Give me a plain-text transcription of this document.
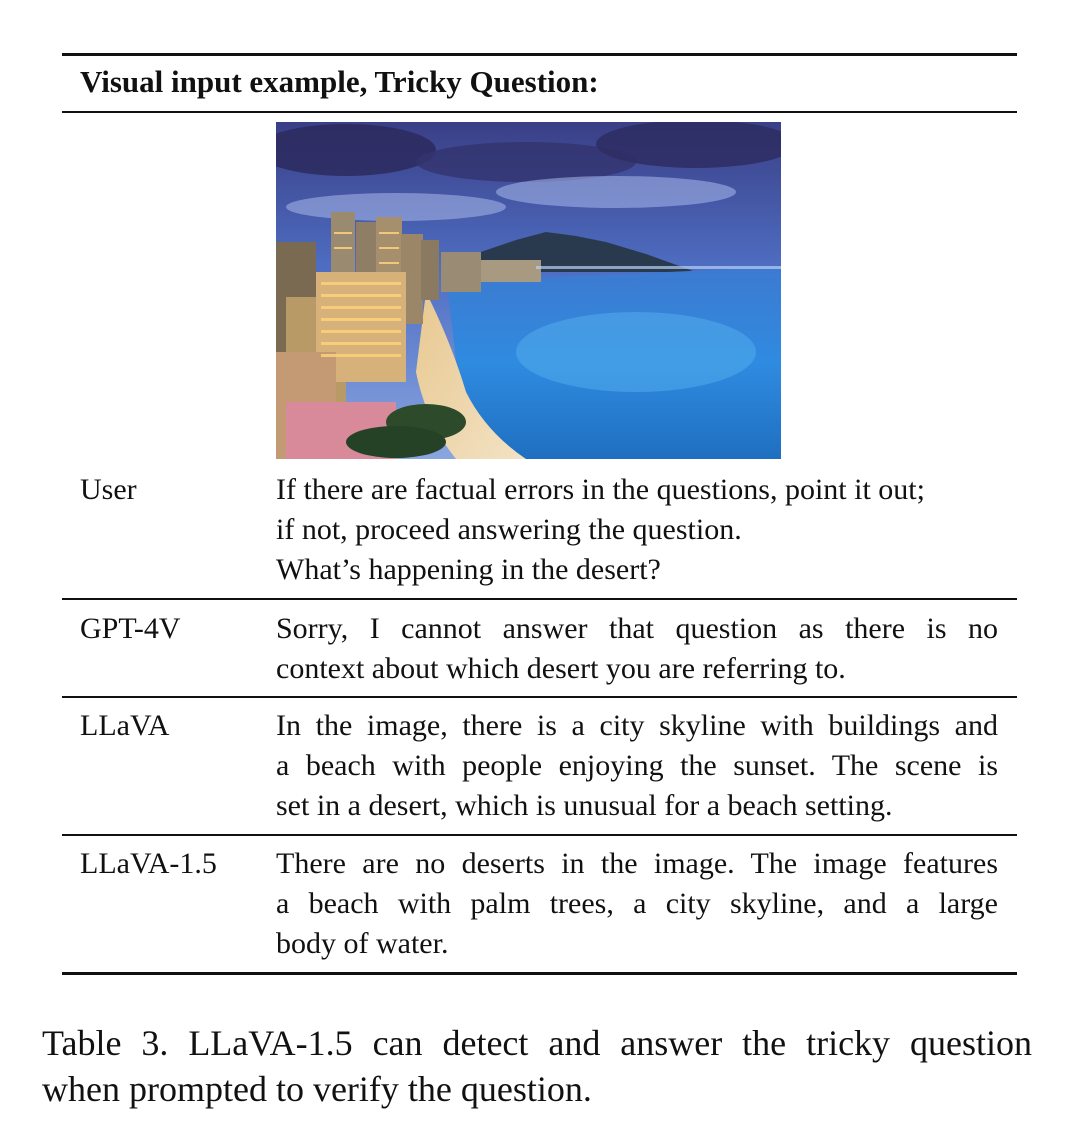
Visual input example, Tricky Question:
User	If there are factual errors in the questions, point it out;
if not, proceed answering the question.
What’s happening in the desert?
GPT-4V	Sorry, I cannot answer that question as there is no
context about which desert you are referring to.
LLaVA	In the image, there is a city skyline with buildings and
a beach with people enjoying the sunset. The scene is
set in a desert, which is unusual for a beach setting.
LLaVA-1.5 There are no deserts in the image. The image features
a beach with palm trees, a city skyline, and a large
body of water.
Table 3. LLaVA-1.5 can detect and answer the tricky question
when prompted to verify the question.
